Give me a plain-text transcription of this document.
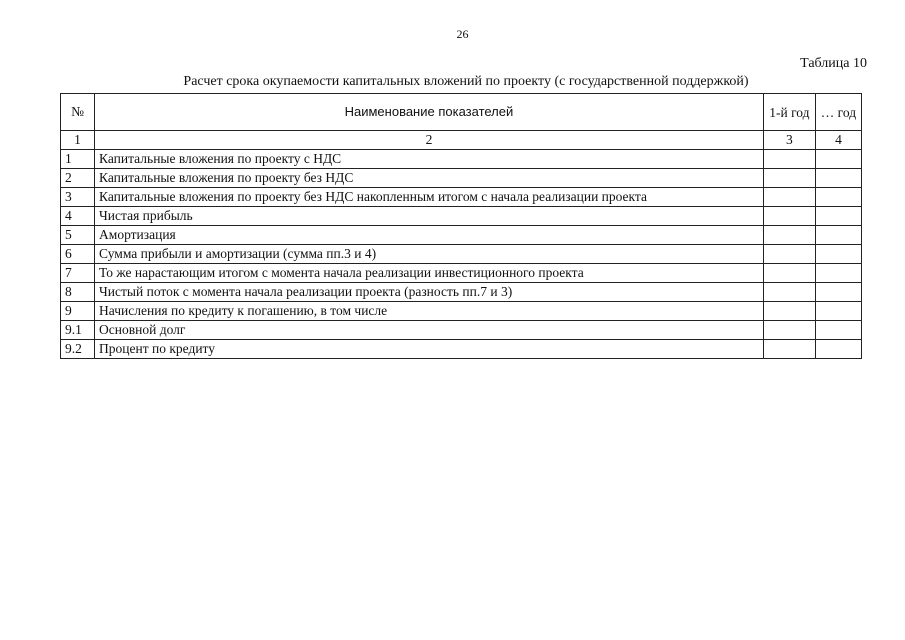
26
Таблица 10
Расчет срока окупаемости капитальных вложений по проекту (с государственной поддержкой)
№	Наименование показателей	1-й год	… год
1	2	3	4
1	Капитальные вложения по проекту с НДС		
2	Капитальные вложения по проекту без НДС		
3	Капитальные вложения по проекту без НДС накопленным итогом с начала реализации проекта		
4	Чистая прибыль		
5	Амортизация		
6	Сумма прибыли и амортизации (сумма пп.3 и 4)		
7	То же нарастающим итогом с момента начала реализации инвестиционного проекта		
8	Чистый поток с момента начала реализации проекта (разность пп.7 и 3)		
9	Начисления по кредиту к погашению, в том числе		
9.1	Основной долг		
9.2	Процент по кредиту		
